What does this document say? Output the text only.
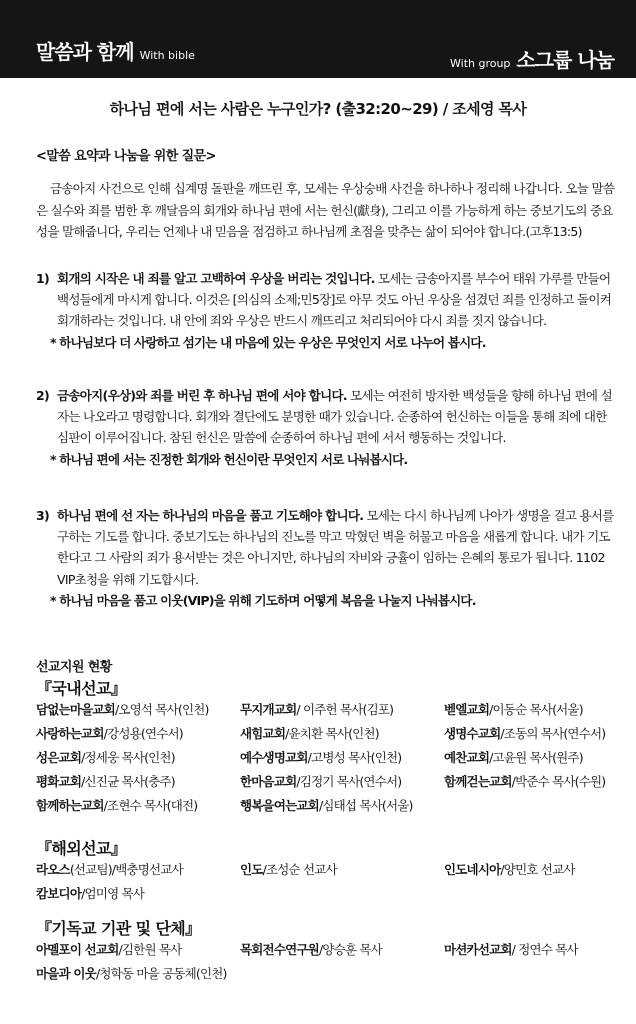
말씀과 함께 With bible
With group 소그룹 나눔
하나님 편에 서는 사람은 누구인가? (출32:20~29) / 조세영 목사
<말씀 요약과 나눔을 위한 질문>

금송아지 사건으로 인해 십계명 돌판을 깨뜨린 후, 모세는 우상숭배 사건을 하나하나 정리해 나갑니다. 오늘 말씀은 실수와 죄를 범한 후 깨달음의 회개와 하나님 편에 서는 헌신(獻身), 그리고 이를 가능하게 하는 중보기도의 중요성을 말해줍니다, 우리는 언제나 내 믿음을 점검하고 하나님께 초점을 맞추는 삶이 되어야 합니다.(고후13:5)

1) 회개의 시작은 내 죄를 알고 고백하여 우상을 버리는 것입니다. 모세는 금송아지를 부수어 태워 가루를 만들어 백성들에게 마시게 합니다. 이것은 [의심의 소제;민5장]로 아무 것도 아닌 우상을 섬겼던 죄를 인정하고 돌이켜 회개하라는 것입니다. 내 안에 죄와 우상은 반드시 깨뜨리고 처리되어야 다시 죄를 짓지 않습니다.
* 하나님보다 더 사랑하고 섬기는 내 마음에 있는 우상은 무엇인지 서로 나누어 봅시다.
2) 금송아지(우상)와 죄를 버린 후 하나님 편에 서야 합니다. 모세는 여전히 방자한 백성들을 향해 하나님 편에 설 자는 나오라고 명령합니다. 회개와 결단에도 분명한 때가 있습니다. 순종하여 헌신하는 이들을 통해 죄에 대한 심판이 이루어집니다. 참된 헌신은 말씀에 순종하여 하나님 편에 서서 행동하는 것입니다.
* 하나님 편에 서는 진정한 회개와 헌신이란 무엇인지 서로 나눠봅시다.
3) 하나님 편에 선 자는 하나님의 마음을 품고 기도해야 합니다. 모세는 다시 하나님께 나아가 생명을 걸고 용서를 구하는 기도를 합니다. 중보기도는 하나님의 진노를 막고 막혔던 벽을 허물고 마음을 새롭게 합니다. 내가 기도한다고 그 사람의 죄가 용서받는 것은 아니지만, 하나님의 자비와 긍휼이 임하는 은혜의 통로가 됩니다. 1102 VIP초청을 위해 기도합시다.
* 하나님 마음을 품고 이웃(VIP)을 위해 기도하며 어떻게 복음을 나눌지 나눠봅시다.
선교지원 현황
『국내선교』
담없는마을교회/오영석 목사(인천)	무지개교회/ 이주헌 목사(김포)	벧엘교회/이동순 목사(서울)
사랑하는교회/강성용(연수서)	새힘교회/윤치환 목사(인천)	생명수교회/조동의 목사(연수서)
성은교회/정세웅 목사(인천)	예수생명교회/고병성 목사(인천)	예찬교회/고윤원 목사(원주)
평화교회/신진균 목사(충주)	한마음교회/김정기 목사(연수서)	함께걷는교회/박준수 목사(수원)
함께하는교회/조현수 목사(대전)	행복을여는교회/심태섭 목사(서울)
『해외선교』
라오스(선교팀)/백충명선교사	인도/조성순 선교사	인도네시아/양민호 선교사
캄보디아/엄미영 목사
『기독교 기관 및 단체』
아멜포이 선교회/김한원 목사	목회전수연구원/양승훈 목사	마션카선교회/ 정연수 목사
마을과 이웃/청학동 마을 공동체(인천)
